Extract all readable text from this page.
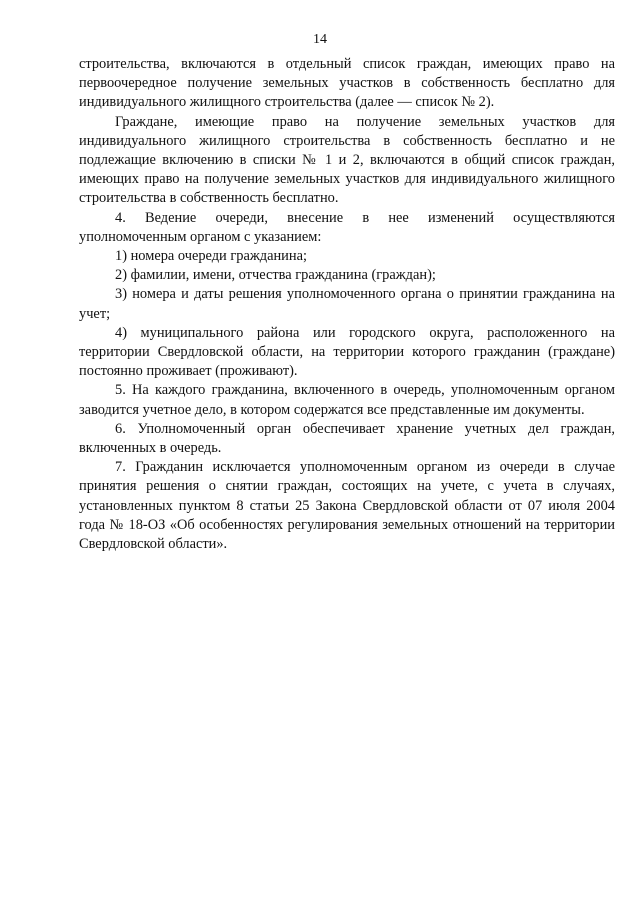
14

строительства, включаются в отдельный список граждан, имеющих право на первоочередное получение земельных участков в собственность бесплатно для индивидуального жилищного строительства (далее — список № 2).

Граждане, имеющие право на получение земельных участков для индивидуального жилищного строительства в собственность бесплатно и не подлежащие включению в списки № 1 и 2, включаются в общий список граждан, имеющих право на получение земельных участков для индивидуального жилищного строительства в собственность бесплатно.

4. Ведение очереди, внесение в нее изменений осуществляются уполномоченным органом с указанием:

1) номера очереди гражданина;

2) фамилии, имени, отчества гражданина (граждан);

3) номера и даты решения уполномоченного органа о принятии гражданина на учет;

4) муниципального района или городского округа, расположенного на территории Свердловской области, на территории которого гражданин (граждане) постоянно проживает (проживают).

5. На каждого гражданина, включенного в очередь, уполномоченным органом заводится учетное дело, в котором содержатся все представленные им документы.

6. Уполномоченный орган обеспечивает хранение учетных дел граждан, включенных в очередь.

7. Гражданин исключается уполномоченным органом из очереди в случае принятия решения о снятии граждан, состоящих на учете, с учета в случаях, установленных пунктом 8 статьи 25 Закона Свердловской области от 07 июля 2004 года № 18-ОЗ «Об особенностях регулирования земельных отношений на территории Свердловской области».
